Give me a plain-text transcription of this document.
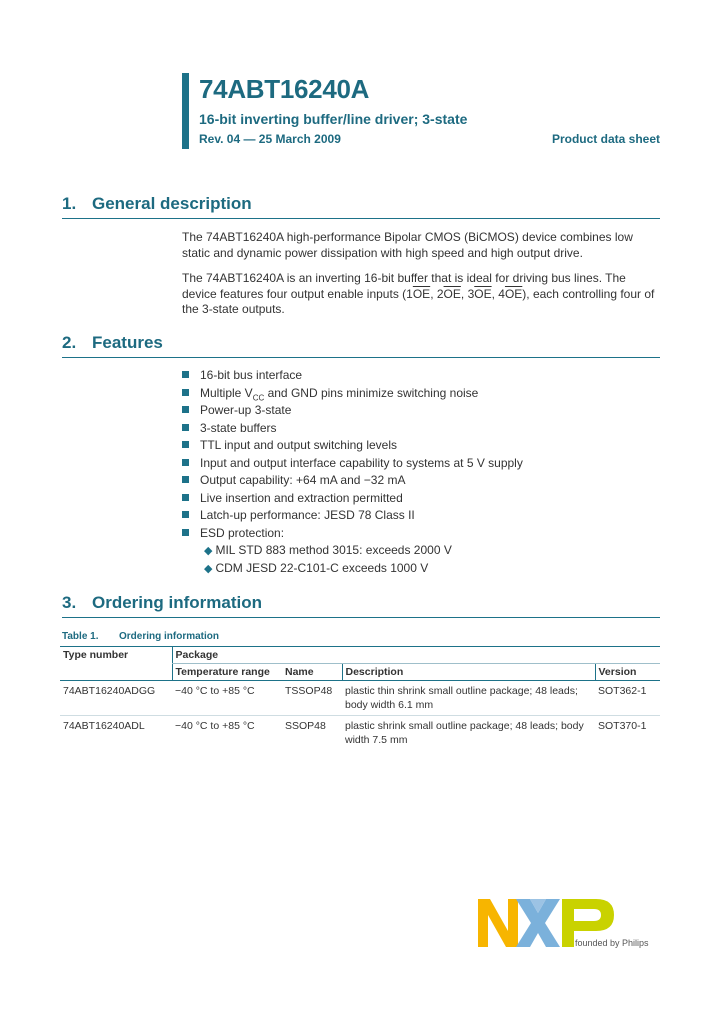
74ABT16240A
16-bit inverting buffer/line driver; 3-state
Rev. 04 — 25 March 2009	Product data sheet
1. General description
The 74ABT16240A high-performance Bipolar CMOS (BiCMOS) device combines low static and dynamic power dissipation with high speed and high output drive.
The 74ABT16240A is an inverting 16-bit buffer that is ideal for driving bus lines. The device features four output enable inputs ($1\overline{OE}$, $2\overline{OE}$, $3\overline{OE}$, $4\overline{OE}$), each controlling four of the 3-state outputs.
2. Features
16-bit bus interface
Multiple $V_{CC}$ and GND pins minimize switching noise
Power-up 3-state
3-state buffers
TTL input and output switching levels
Input and output interface capability to systems at 5 V supply
Output capability: +64 mA and −32 mA
Live insertion and extraction permitted
Latch-up performance: JESD 78 Class II
ESD protection:
◆ MIL STD 883 method 3015: exceeds 2000 V
◆ CDM JESD 22-C101-C exceeds 1000 V
3. Ordering information
Table 1. Ordering information
Type number	Package			
	Temperature range	Name	Description	Version
74ABT16240ADGG	−40 °C to +85 °C	TSSOP48	plastic thin shrink small outline package; 48 leads; body width 6.1 mm	SOT362-1
74ABT16240ADL	−40 °C to +85 °C	SSOP48	plastic shrink small outline package; 48 leads; body width 7.5 mm	SOT370-1
founded by Philips
